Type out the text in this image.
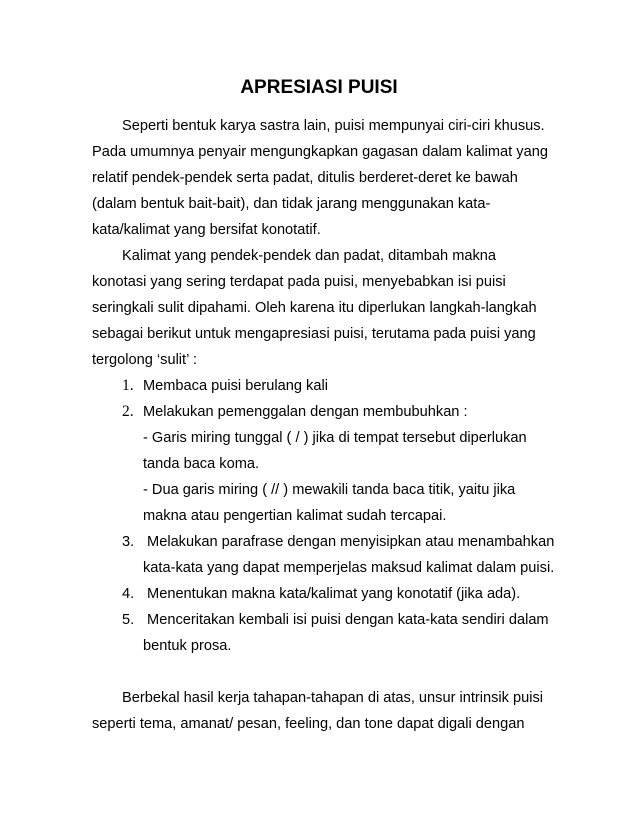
APRESIASI PUISI
Seperti bentuk karya sastra lain, puisi mempunyai ciri-ciri khusus.
Pada umumnya penyair mengungkapkan gagasan dalam kalimat yang
relatif pendek-pendek serta padat, ditulis berderet-deret ke bawah
(dalam bentuk bait-bait), dan tidak jarang menggunakan kata-
kata/kalimat yang bersifat konotatif.
Kalimat yang pendek-pendek dan padat, ditambah makna
konotasi yang sering terdapat pada puisi, menyebabkan isi puisi
seringkali sulit dipahami. Oleh karena itu diperlukan langkah-langkah
sebagai berikut untuk mengapresiasi puisi, terutama pada puisi yang
tergolong ‘sulit’ :
1. Membaca puisi berulang kali
2. Melakukan pemenggalan dengan membubuhkan :
- Garis miring tunggal ( / ) jika di tempat tersebut diperlukan
tanda baca koma.
- Dua garis miring ( // ) mewakili tanda baca titik, yaitu jika
makna atau pengertian kalimat sudah tercapai.
3. Melakukan parafrase dengan menyisipkan atau menambahkan
kata-kata yang dapat memperjelas maksud kalimat dalam puisi.
4. Menentukan makna kata/kalimat yang konotatif (jika ada).
5. Menceritakan kembali isi puisi dengan kata-kata sendiri dalam
bentuk prosa.
Berbekal hasil kerja tahapan-tahapan di atas, unsur intrinsik puisi
seperti tema, amanat/ pesan, feeling, dan tone dapat digali dengan
